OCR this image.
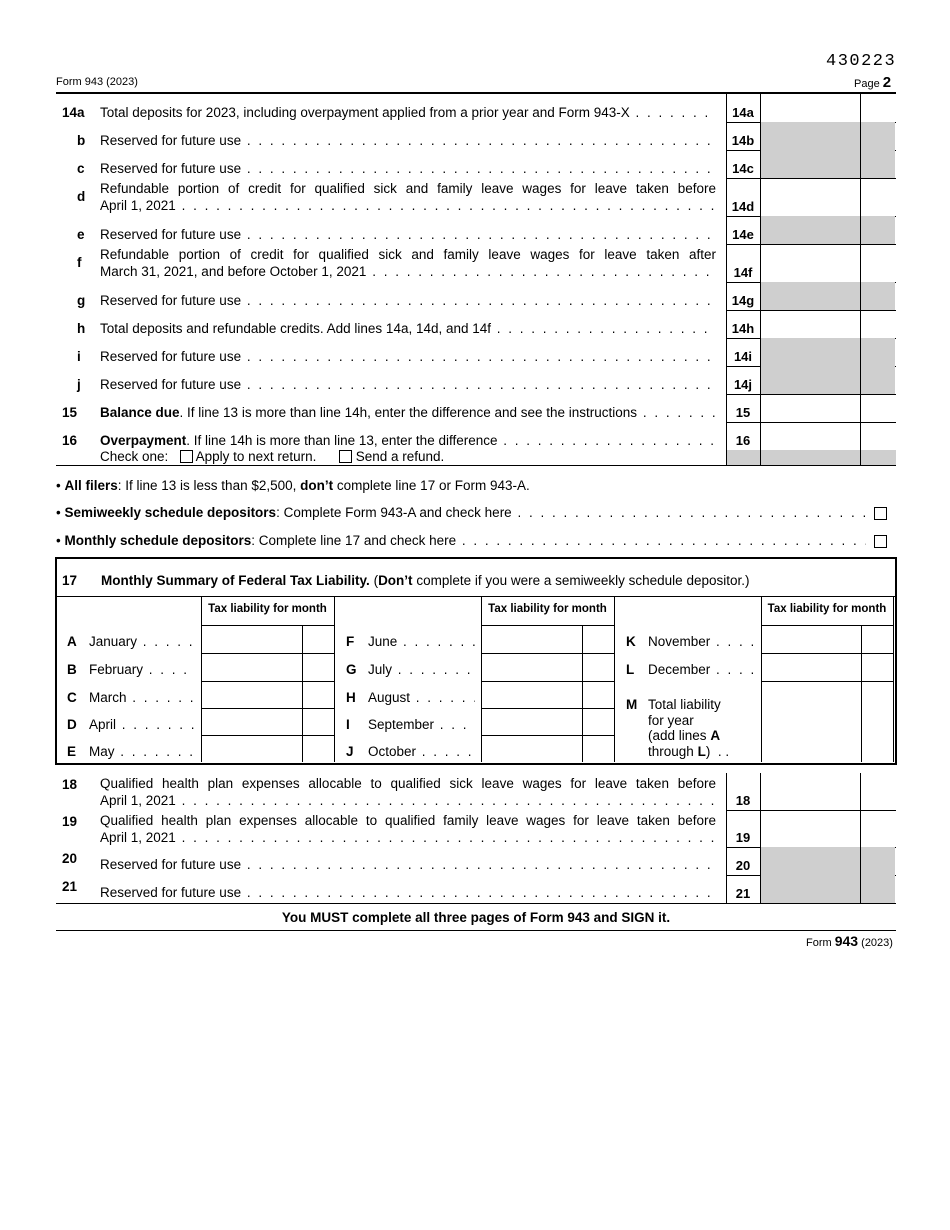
430223
Form 943 (2023)	Page 2
14a Total deposits for 2023, including overpayment applied from a prior year and Form 943-X . . .	14a
b Reserved for future use . . .	14b
c Reserved for future use . . .	14c
d
Refundable portion of credit for qualified sick and family leave wages for leave taken before
April 1, 2021 . . .	14d
e Reserved for future use . . .	14e
f
Refundable portion of credit for qualified sick and family leave wages for leave taken after
March 31, 2021, and before October 1, 2021 . . .	14f
g Reserved for future use . . .	14g
h Total deposits and refundable credits. Add lines 14a, 14d, and 14f . . .	14h
i Reserved for future use . . .	14i
j Reserved for future use . . .	14j
15 Balance due. If line 13 is more than line 14h, enter the difference and see the instructions . . .	15
16 Overpayment. If line 14h is more than line 13, enter the difference . . .	16
Check one: Apply to next return.	Send a refund.
• All filers: If line 13 is less than $2,500, don’t complete line 17 or Form 943-A.
• Semiweekly schedule depositors: Complete Form 943-A and check here . . .
• Monthly schedule depositors: Complete line 17 and check here . . .
17 Monthly Summary of Federal Tax Liability. (Don’t complete if you were a semiweekly schedule depositor.)
Tax liability for month
A January . . .
B February . . .
C March . . .
D April . . .
E May . . .
Tax liability for month
F June . . .
G July . . .
H August . . .
I September . . .
J October . . .
Tax liability for month
K November . . .
L December . . .
M Total liability
for year
(add lines A
through L)  . .
18 Qualified health plan expenses allocable to qualified sick leave wages for leave taken before
April 1, 2021 . . .	18
19 Qualified health plan expenses allocable to qualified family leave wages for leave taken before
April 1, 2021 . . .	19
20 Reserved for future use . . .	20
21 Reserved for future use . . .	21
You MUST complete all three pages of Form 943 and SIGN it.
Form 943 (2023)
